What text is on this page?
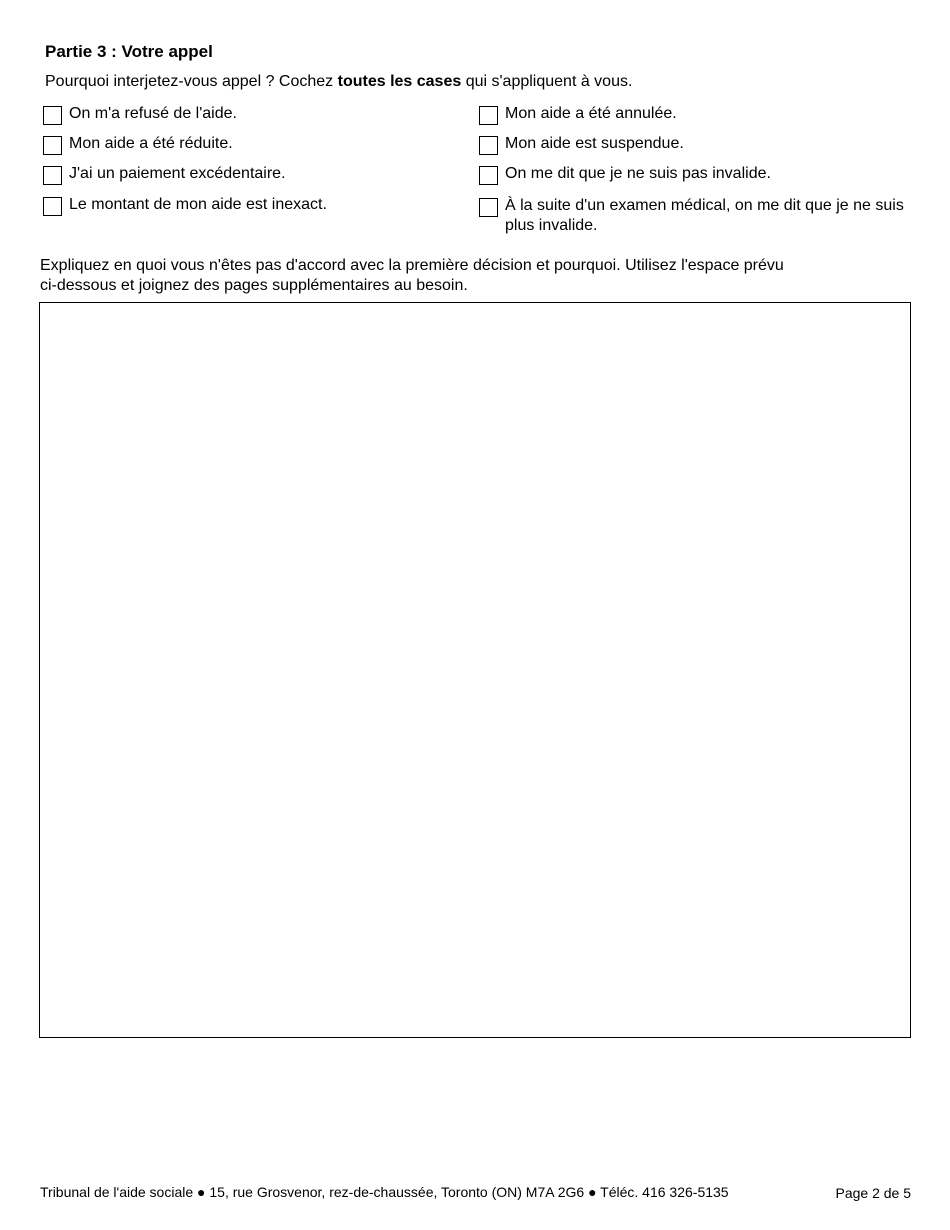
Partie 3 : Votre appel
Pourquoi interjetez-vous appel ? Cochez toutes les cases qui s'appliquent à vous.
On m'a refusé de l'aide.
Mon aide a été réduite.
J'ai un paiement excédentaire.
Le montant de mon aide est inexact.
Mon aide a été annulée.
Mon aide est suspendue.
On me dit que je ne suis pas invalide.
À la suite d'un examen médical, on me dit que je ne suis plus invalide.
Expliquez en quoi vous n'êtes pas d'accord avec la première décision et pourquoi. Utilisez l'espace prévu
ci-dessous et joignez des pages supplémentaires au besoin.
Tribunal de l'aide sociale ● 15, rue Grosvenor, rez-de-chaussée, Toronto (ON) M7A 2G6 ● Téléc. 416 326-5135	Page 2 de 5
